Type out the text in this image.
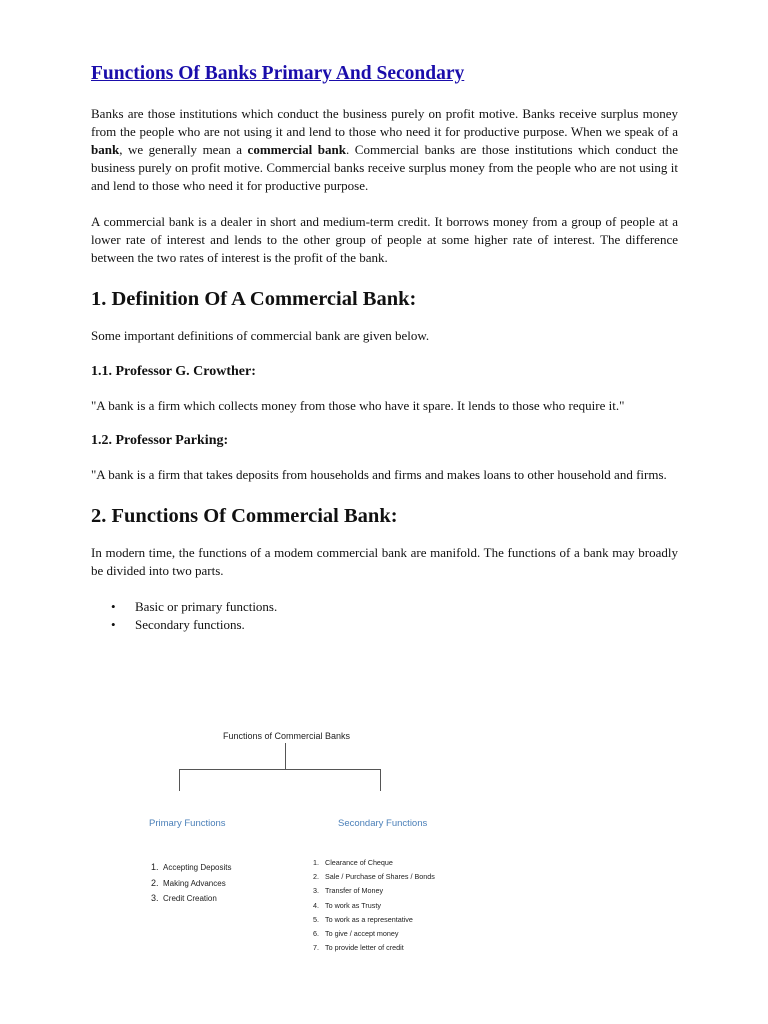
Functions Of Banks Primary And Secondary

Banks are those institutions which conduct the business purely on profit motive. Banks receive surplus money from the people who are not using it and lend to those who need it for productive purpose. When we speak of a bank, we generally mean a commercial bank. Commercial banks are those institutions which conduct the business purely on profit motive. Commercial banks receive surplus money from the people who are not using it and lend to those who need it for productive purpose.

A commercial bank is a dealer in short and medium-term credit. It borrows money from a group of people at a lower rate of interest and lends to the other group of people at some higher rate of interest. The difference between the two rates of interest is the profit of the bank.

1. Definition Of A Commercial Bank:

Some important definitions of commercial bank are given below.

1.1. Professor G. Crowther:

"A bank is a firm which collects money from those who have it spare. It lends to those who require it."

1.2. Professor Parking:

"A bank is a firm that takes deposits from households and firms and makes loans to other household and firms.

2. Functions Of Commercial Bank:

In modern time, the functions of a modem commercial bank are manifold. The functions of a bank may broadly be divided into two parts.

• Basic or primary functions.
• Secondary functions.
Functions of Commercial Banks
Primary Functions	Secondary Functions
1. Accepting Deposits
2. Making Advances
3. Credit Creation
1. Clearance of Cheque
2. Sale / Purchase of Shares / Bonds
3. Transfer of Money
4. To work as Trusty
5. To work as a representative
6. To give / accept money
7. To provide letter of credit
